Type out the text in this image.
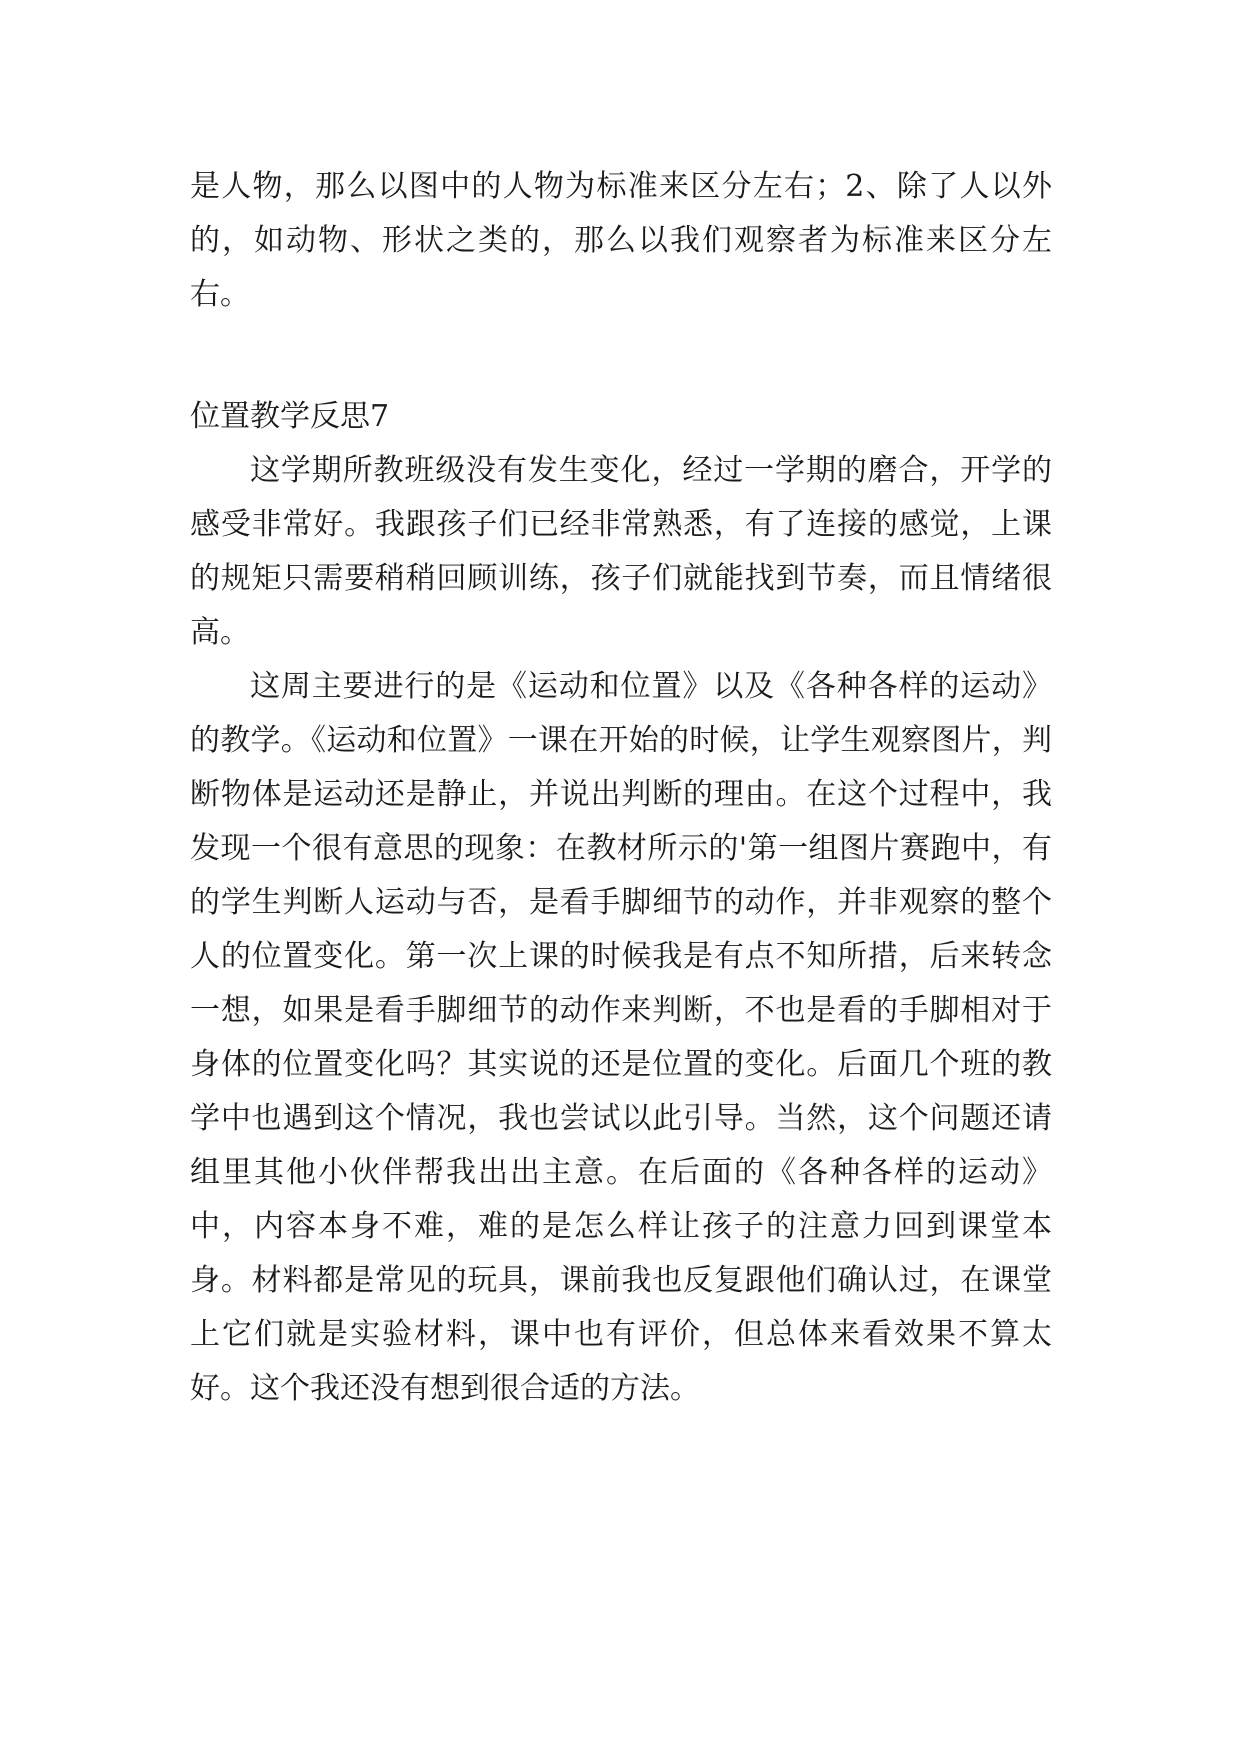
是人物，那么以图中的人物为标准来区分左右；2、除了人以外的，如动物、形状之类的，那么以我们观察者为标准来区分左右。

位置教学反思7

这学期所教班级没有发生变化，经过一学期的磨合，开学的感受非常好。我跟孩子们已经非常熟悉，有了连接的感觉，上课的规矩只需要稍稍回顾训练，孩子们就能找到节奏，而且情绪很高。

这周主要进行的是《运动和位置》以及《各种各样的运动》的教学。《运动和位置》一课在开始的时候，让学生观察图片，判断物体是运动还是静止，并说出判断的理由。在这个过程中，我发现一个很有意思的现象：在教材所示的'第一组图片赛跑中，有的学生判断人运动与否，是看手脚细节的动作，并非观察的整个人的位置变化。第一次上课的时候我是有点不知所措，后来转念一想，如果是看手脚细节的动作来判断，不也是看的手脚相对于身体的位置变化吗？其实说的还是位置的变化。后面几个班的教学中也遇到这个情况，我也尝试以此引导。当然，这个问题还请组里其他小伙伴帮我出出主意。在后面的《各种各样的运动》中，内容本身不难，难的是怎么样让孩子的注意力回到课堂本身。材料都是常见的玩具，课前我也反复跟他们确认过，在课堂上它们就是实验材料，课中也有评价，但总体来看效果不算太好。这个我还没有想到很合适的方法。
